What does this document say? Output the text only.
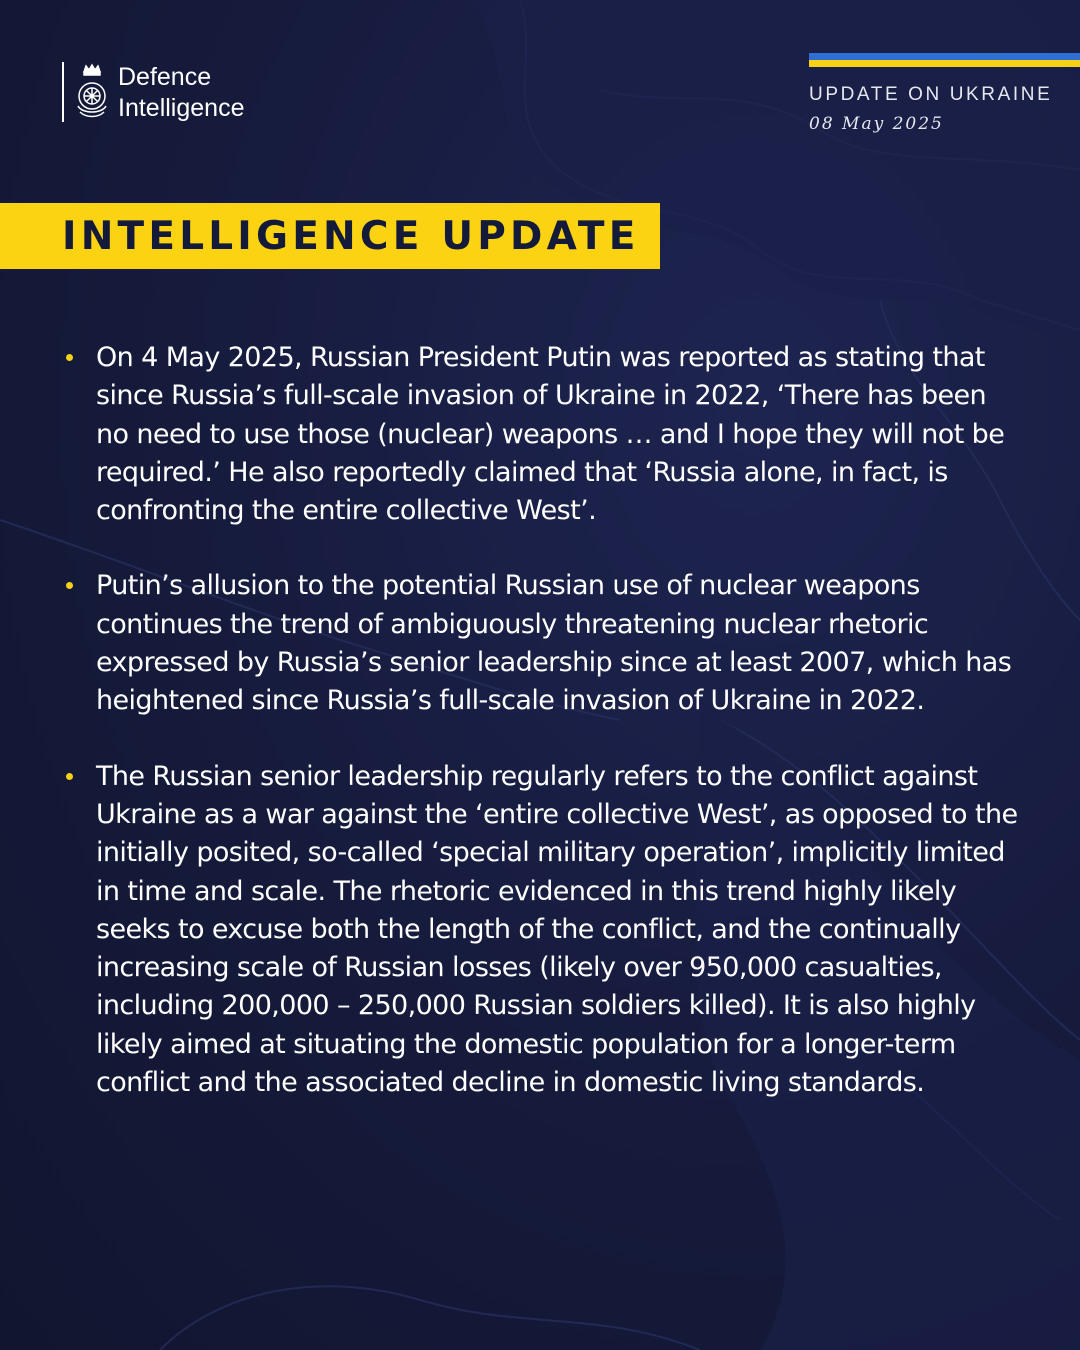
Defence
Intelligence	UPDATE ON UKRAINE
08 May 2025
INTELLIGENCE UPDATE
On 4 May 2025, Russian President Putin was reported as stating that since Russia’s full-scale invasion of Ukraine in 2022, ‘There has been no need to use those (nuclear) weapons … and I hope they will not be required.’ He also reportedly claimed that ‘Russia alone, in fact, is confronting the entire collective West’.
Putin’s allusion to the potential Russian use of nuclear weapons continues the trend of ambiguously threatening nuclear rhetoric expressed by Russia’s senior leadership since at least 2007, which has heightened since Russia’s full-scale invasion of Ukraine in 2022.
The Russian senior leadership regularly refers to the conflict against Ukraine as a war against the ‘entire collective West’, as opposed to the initially posited, so-called ‘special military operation’, implicitly limited in time and scale. The rhetoric evidenced in this trend highly likely seeks to excuse both the length of the conflict, and the continually increasing scale of Russian losses (likely over 950,000 casualties, including 200,000 – 250,000 Russian soldiers killed). It is also highly likely aimed at situating the domestic population for a longer-term conflict and the associated decline in domestic living standards.
